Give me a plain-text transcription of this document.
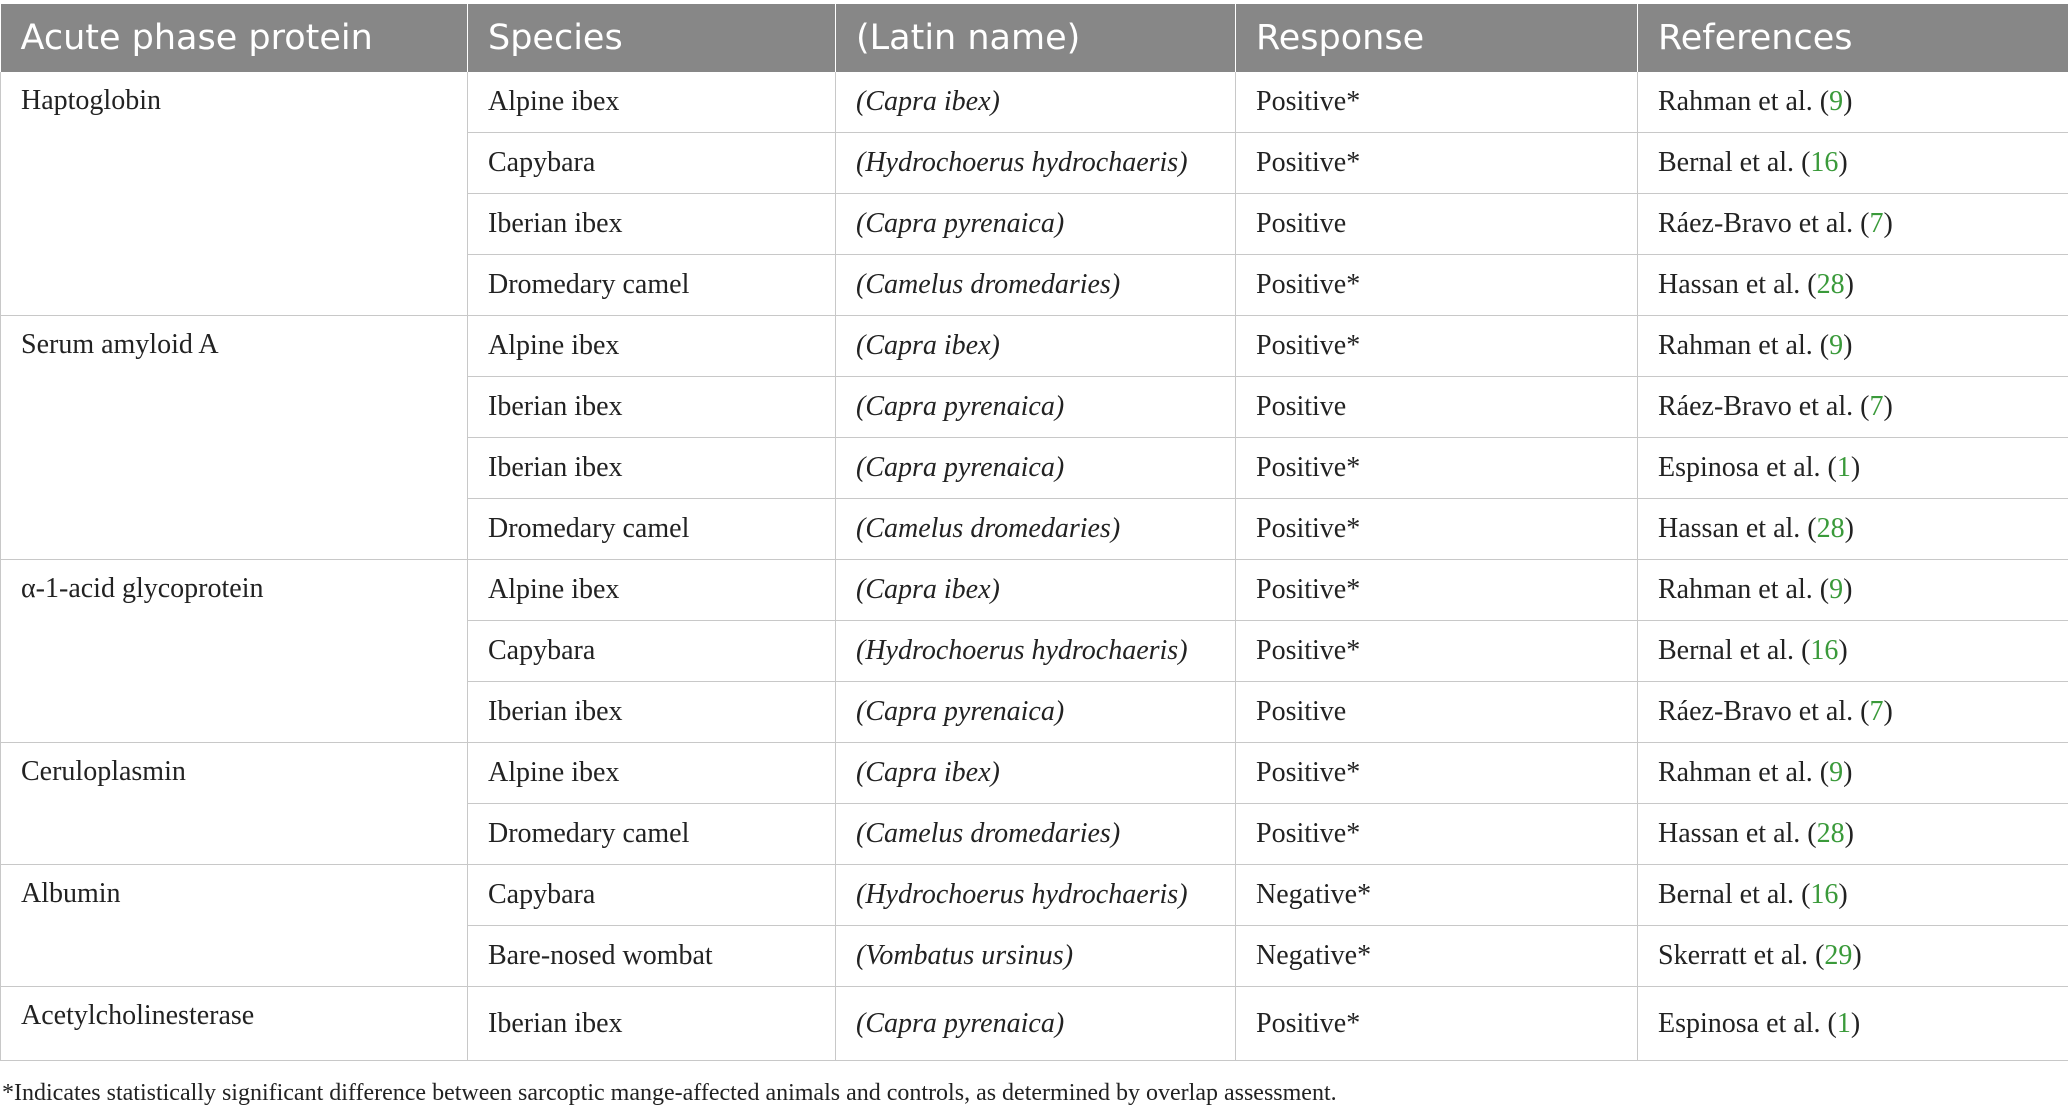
Acute phase protein	Species	(Latin name)	Response	References
Haptoglobin	Alpine ibex	(Capra ibex)	Positive*	Rahman et al. (9)
	Capybara	(Hydrochoerus hydrochaeris)	Positive*	Bernal et al. (16)
	Iberian ibex	(Capra pyrenaica)	Positive	Ráez-Bravo et al. (7)
	Dromedary camel	(Camelus dromedaries)	Positive*	Hassan et al. (28)
Serum amyloid A	Alpine ibex	(Capra ibex)	Positive*	Rahman et al. (9)
	Iberian ibex	(Capra pyrenaica)	Positive	Ráez-Bravo et al. (7)
	Iberian ibex	(Capra pyrenaica)	Positive*	Espinosa et al. (1)
	Dromedary camel	(Camelus dromedaries)	Positive*	Hassan et al. (28)
α-1-acid glycoprotein	Alpine ibex	(Capra ibex)	Positive*	Rahman et al. (9)
	Capybara	(Hydrochoerus hydrochaeris)	Positive*	Bernal et al. (16)
	Iberian ibex	(Capra pyrenaica)	Positive	Ráez-Bravo et al. (7)
Ceruloplasmin	Alpine ibex	(Capra ibex)	Positive*	Rahman et al. (9)
	Dromedary camel	(Camelus dromedaries)	Positive*	Hassan et al. (28)
Albumin	Capybara	(Hydrochoerus hydrochaeris)	Negative*	Bernal et al. (16)
	Bare-nosed wombat	(Vombatus ursinus)	Negative*	Skerratt et al. (29)
Acetylcholinesterase	Iberian ibex	(Capra pyrenaica)	Positive*	Espinosa et al. (1)
*Indicates statistically significant difference between sarcoptic mange-affected animals and controls, as determined by overlap assessment.
